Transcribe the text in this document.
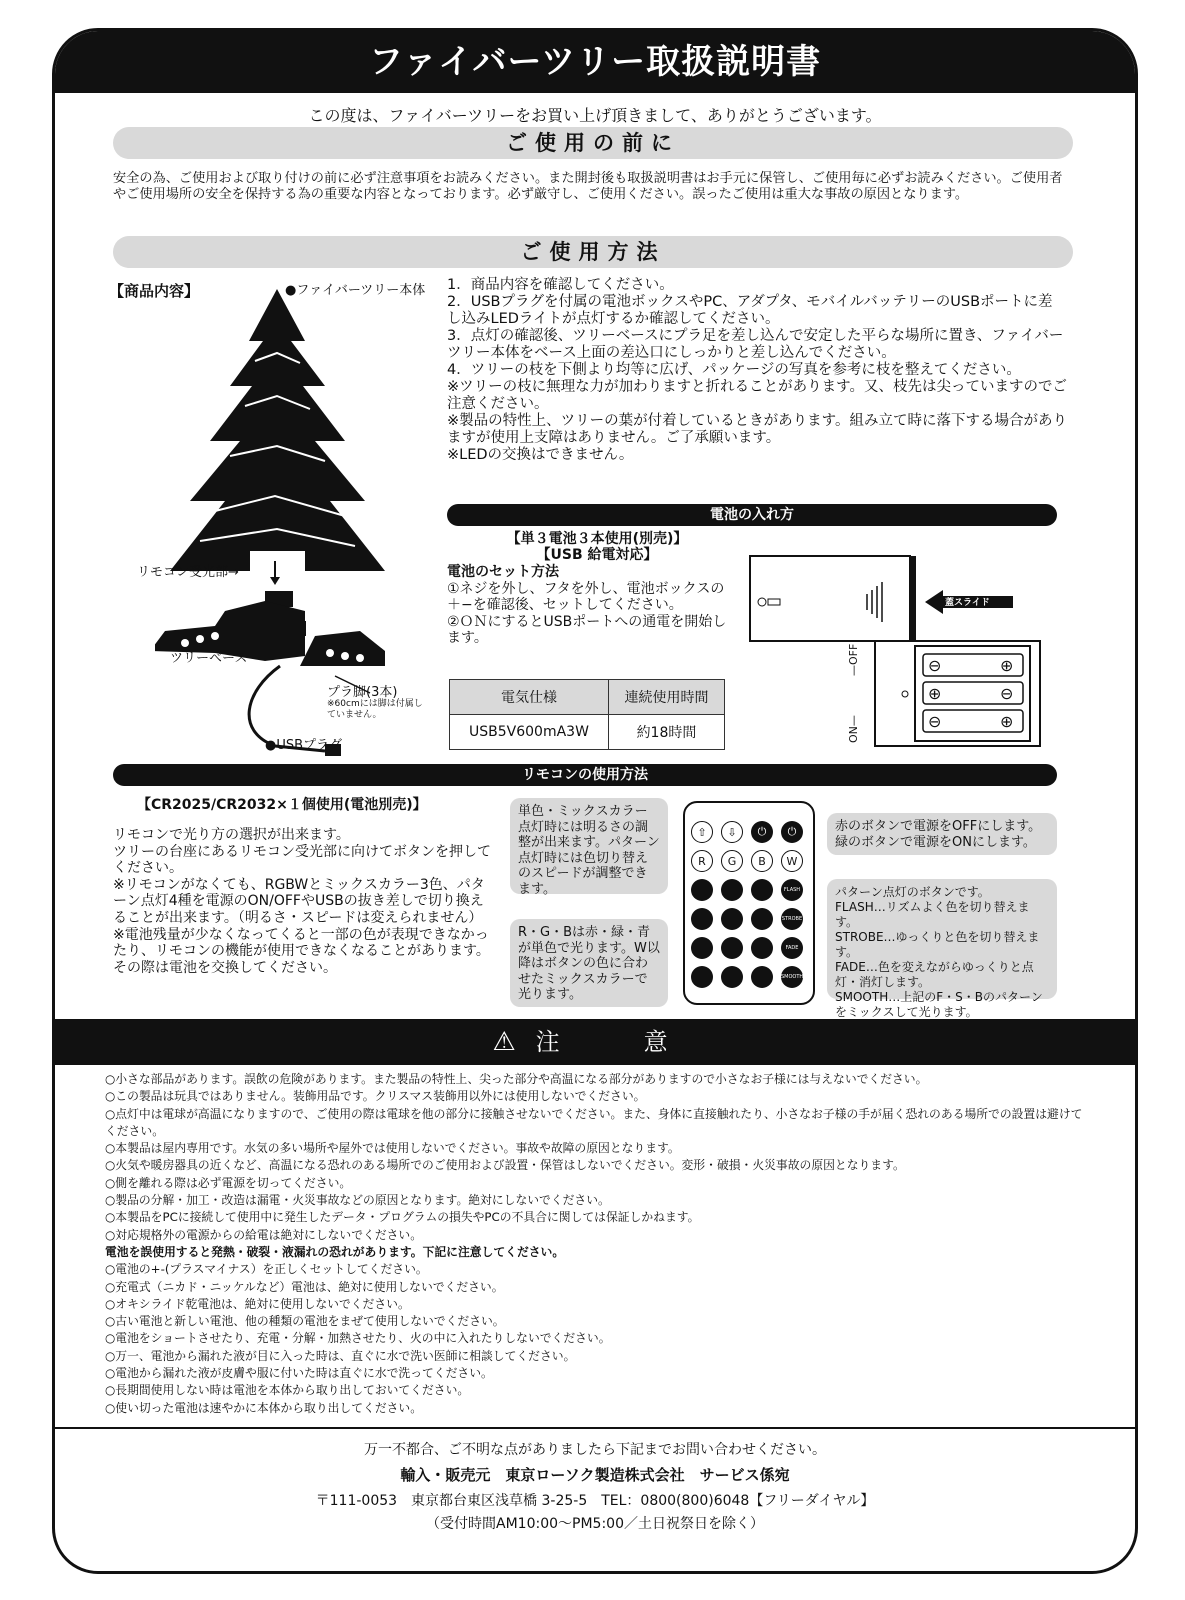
ファイバーツリー取扱説明書
この度は、ファイバーツリーをお買い上げ頂きまして、ありがとうございます。
ご使用の前に
安全の為、ご使用および取り付けの前に必ず注意事項をお読みください。また開封後も取扱説明書はお手元に保管し、ご使用毎に必ずお読みください。ご使用者やご使用場所の安全を保持する為の重要な内容となっております。必ず厳守し、ご使用ください。誤ったご使用は重大な事故の原因となります。
ご使用方法
【商品内容】	●ファイバーツリー本体
リモコン受光部→
ツリーベース
プラ脚(3本)
※60cmには脚は付属していません。
●USBプラグ
1．商品内容を確認してください。
2．USBプラグを付属の電池ボックスやPC、アダプタ、モバイルバッテリーのUSBポートに差し込みLEDライトが点灯するか確認してください。
3．点灯の確認後、ツリーベースにプラ足を差し込んで安定した平らな場所に置き、ファイバーツリー本体をベース上面の差込口にしっかりと差し込んでください。
4．ツリーの枝を下側より均等に広げ、パッケージの写真を参考に枝を整えてください。
※ツリーの枝に無理な力が加わりますと折れることがあります。又、枝先は尖っていますのでご注意ください。
※製品の特性上、ツリーの葉が付着しているときがあります。組み立て時に落下する場合がありますが使用上支障はありません。ご了承願います。
※LEDの交換はできません。
電池の入れ方
【単３電池３本使用(別売)】
【USB 給電対応】
電池のセット方法
①ネジを外し、フタを外し、電池ボックスの＋−を確認後、セットしてください。
②ＯＮにするとUSBポートへの通電を開始します。
電気仕様	連続使用時間
USB5V600mA3W	約18時間
⊖	⊕
⊕	⊖
⊖	⊕
蓋スライド
—OFF
ON—
リモコンの使用方法
【CR2025/CR2032×１個使用(電池別売)】
リモコンで光り方の選択が出来ます。
ツリーの台座にあるリモコン受光部に向けてボタンを押してください。
※リモコンがなくても、RGBWとミックスカラー3色、パターン点灯4種を電源のON/OFFやUSBの抜き差しで切り換えることが出来ます。（明るさ・スピードは変えられません）
※電池残量が少なくなってくると一部の色が表現できなかったり、リモコンの機能が使用できなくなることがあります。その際は電池を交換してください。
単色・ミックスカラー点灯時には明るさの調整が出来ます。パターン点灯時には色切り替えのスピードが調整できます。
R・G・Bは赤・緑・青が単色で光ります。W以降はボタンの色に合わせたミックスカラーで光ります。
⇧	⇩	⏻	⏻
R	G	B	W
FLASH
STROBE
FADE
SMOOTH
赤のボタンで電源をOFFにします。緑のボタンで電源をONにします。
パターン点灯のボタンです。
FLASH…リズムよく色を切り替えます。
STROBE…ゆっくりと色を切り替えます。
FADE…色を変えながらゆっくりと点灯・消灯します。
SMOOTH…上記のF・S・Bのパターンをミックスして光ります。
⚠ 注　意

○小さな部品があります。誤飲の危険があります。また製品の特性上、尖った部分や高温になる部分がありますので小さなお子様には与えないでください。

○この製品は玩具ではありません。装飾用品です。クリスマス装飾用以外には使用しないでください。

○点灯中は電球が高温になりますので、ご使用の際は電球を他の部分に接触させないでください。また、身体に直接触れたり、小さなお子様の手が届く恐れのある場所での設置は避けてください。

○本製品は屋内専用です。水気の多い場所や屋外では使用しないでください。事故や故障の原因となります。

○火気や暖房器具の近くなど、高温になる恐れのある場所でのご使用および設置・保管はしないでください。変形・破損・火災事故の原因となります。

○側を離れる際は必ず電源を切ってください。

○製品の分解・加工・改造は漏電・火災事故などの原因となります。絶対にしないでください。

○本製品をPCに接続して使用中に発生したデータ・プログラムの損失やPCの不具合に関しては保証しかねます。

○対応規格外の電源からの給電は絶対にしないでください。

電池を誤使用すると発熱・破裂・液漏れの恐れがあります。下記に注意してください。

○電池の+-(プラスマイナス）を正しくセットしてください。

○充電式（ニカド・ニッケルなど）電池は、絶対に使用しないでください。

○オキシライド乾電池は、絶対に使用しないでください。

○古い電池と新しい電池、他の種類の電池をまぜて使用しないでください。

○電池をショートさせたり、充電・分解・加熱させたり、火の中に入れたりしないでください。

○万一、電池から漏れた液が目に入った時は、直ぐに水で洗い医師に相談してください。

○電池から漏れた液が皮膚や服に付いた時は直ぐに水で洗ってください。

○長期間使用しない時は電池を本体から取り出しておいてください。

○使い切った電池は速やかに本体から取り出してください。

万一不都合、ご不明な点がありましたら下記までお問い合わせください。
輸入・販売元　東京ローソク製造株式会社　サービス係宛
〒111-0053　東京都台東区浅草橋 3-25-5　TEL：0800(800)6048【フリーダイヤル】
（受付時間AM10:00〜PM5:00／土日祝祭日を除く）
